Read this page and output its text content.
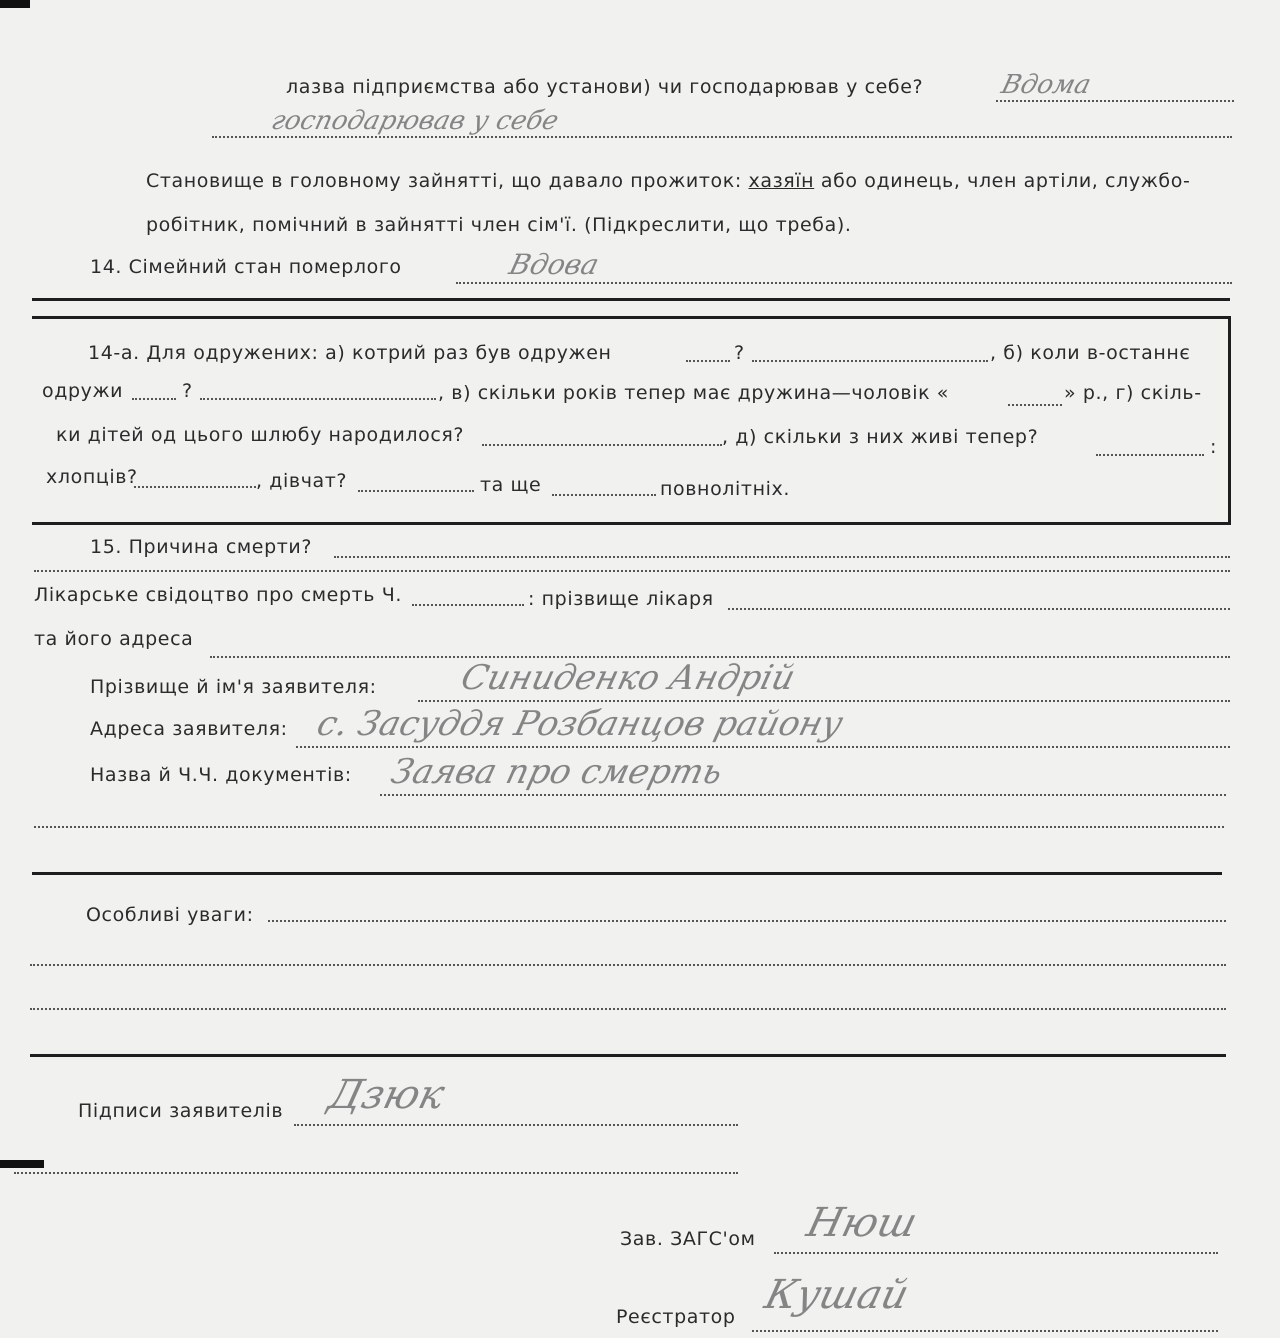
лазва підприємства або установи) чи господарював у себе?	Вдома
господарював у себе
Становище в головному зайнятті, що давало прожиток: хазяїн або одинець, член артіли, службо-
робітник, помічний в зайнятті член сім'ї. (Підкреслити, що треба).
14. Сімейний стан померлого	Вдова
14-а. Для одружених: а) котрий раз був одружен	?	, б) коли в-останнє
одружи	?	, в) скільки років тепер має дружина—чоловік «	» р., г) скіль-
ки дітей од цього шлюбу народилося?	, д) скільки з них живі тепер?	:
хлопців?	, дівчат?	та ще	повнолітніх.
15. Причина смерти?
Лікарське свідоцтво про смерть Ч.	: прізвище лікаря
та його адреса
Прізвище й ім'я заявителя: Синиденко Андрій
Адреса заявителя: с. Засуддя Розбанцов району
Назва й Ч.Ч. документів: Заява про смерть
Особливі уваги:
Підписи заявителів Дзюк
Зав. ЗАГС'ом Нюш
Реєстратор Кушай
